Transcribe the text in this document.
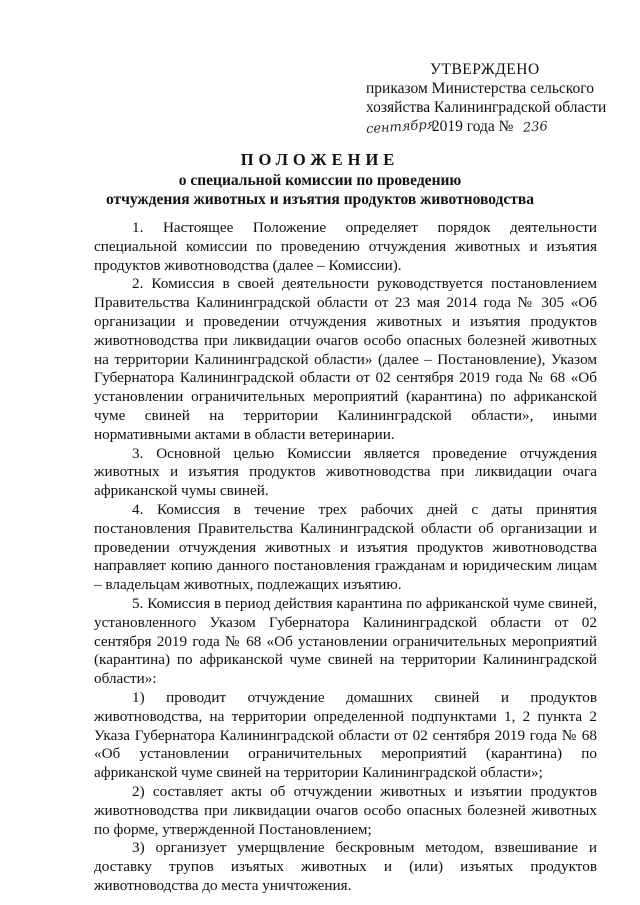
УТВЕРЖДЕНО
приказом Министерства сельского
хозяйства Калининградской области
сентября 2019 года № 236
ПОЛОЖЕНИЕ
о специальной комиссии по проведению
отчуждения животных и изъятия продуктов животноводства

1. Настоящее Положение определяет порядок деятельности специальной комиссии по проведению отчуждения животных и изъятия продуктов животноводства (далее – Комиссии).

2. Комиссия в своей деятельности руководствуется постановлением Правительства Калининградской области от 23 мая 2014 года № 305 «Об организации и проведении отчуждения животных и изъятия продуктов животноводства при ликвидации очагов особо опасных болезней животных на территории Калининградской области» (далее – Постановление), Указом Губернатора Калининградской области от 02 сентября 2019 года № 68 «Об установлении ограничительных мероприятий (карантина) по африканской чуме свиней на территории Калининградской области», иными нормативными актами в области ветеринарии.

3. Основной целью Комиссии является проведение отчуждения животных и изъятия продуктов животноводства при ликвидации очага африканской чумы свиней.

4. Комиссия в течение трех рабочих дней с даты принятия постановления Правительства Калининградской области об организации и проведении отчуждения животных и изъятия продуктов животноводства направляет копию данного постановления гражданам и юридическим лицам – владельцам животных, подлежащих изъятию.

5. Комиссия в период действия карантина по африканской чуме свиней, установленного Указом Губернатора Калининградской области от 02 сентября 2019 года № 68 «Об установлении ограничительных мероприятий (карантина) по африканской чуме свиней на территории Калининградской области»:

1) проводит отчуждение домашних свиней и продуктов животноводства, на территории определенной подпунктами 1, 2 пункта 2 Указа Губернатора Калининградской области от 02 сентября 2019 года № 68 «Об установлении ограничительных мероприятий (карантина) по африканской чуме свиней на территории Калининградской области»;

2) составляет акты об отчуждении животных и изъятии продуктов животноводства при ликвидации очагов особо опасных болезней животных по форме, утвержденной Постановлением;

3) организует умерщвление бескровным методом, взвешивание и доставку трупов изъятых животных и (или) изъятых продуктов животноводства до места уничтожения.
